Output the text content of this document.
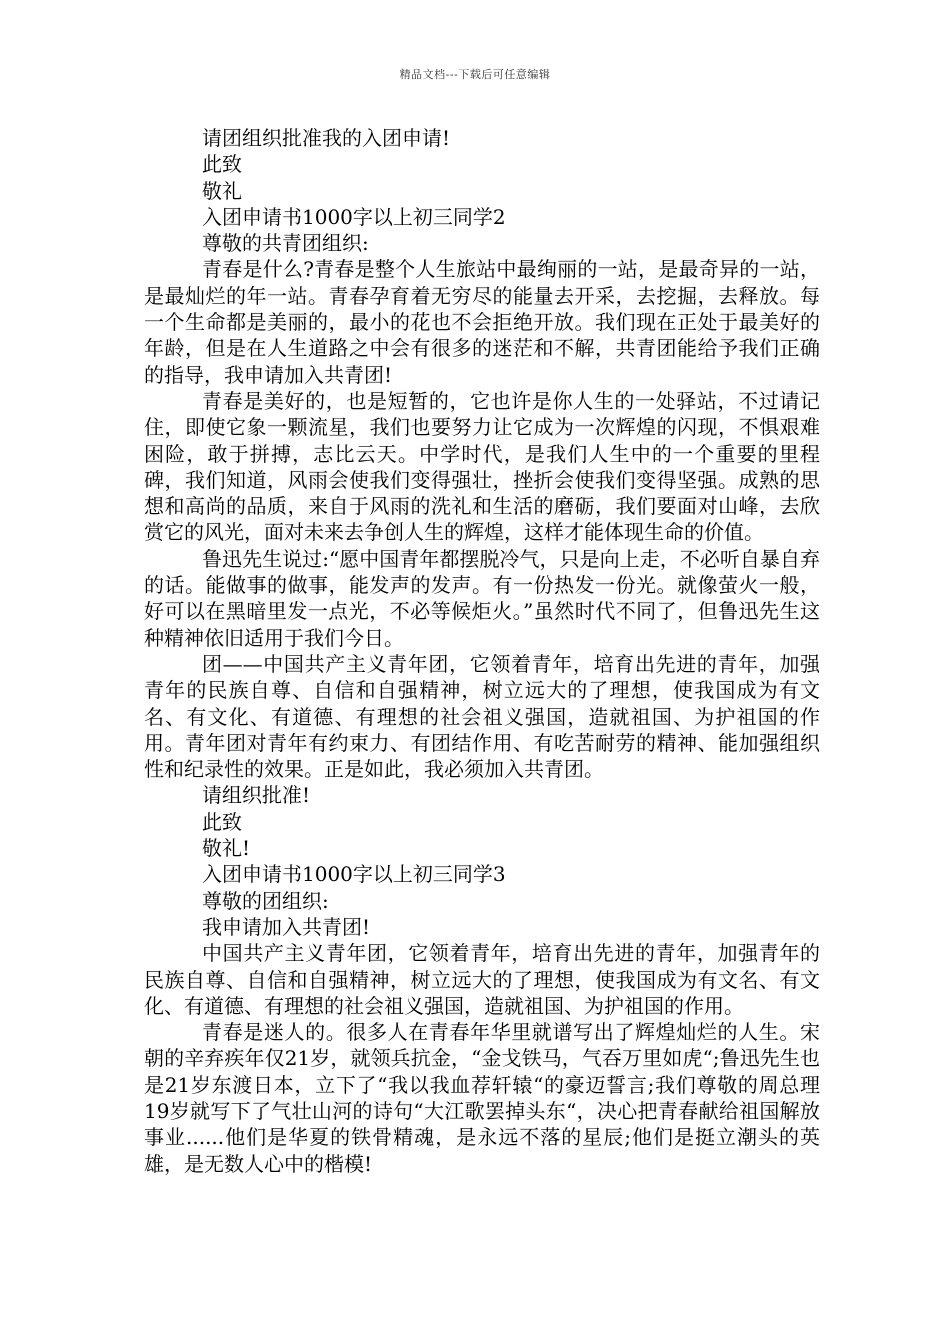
精品文档---下载后可任意编辑

请团组织批准我的入团申请!

此致

敬礼

入团申请书1000字以上初三同学2

尊敬的共青团组织:

青春是什么?青春是整个人生旅站中最绚丽的一站，是最奇异的一站，是最灿烂的年一站。青春孕育着无穷尽的能量去开采，去挖掘，去释放。每一个生命都是美丽的，最小的花也不会拒绝开放。我们现在正处于最美好的年龄，但是在人生道路之中会有很多的迷茫和不解，共青团能给予我们正确的指导，我申请加入共青团!

青春是美好的，也是短暂的，它也许是你人生的一处驿站，不过请记住，即使它象一颗流星，我们也要努力让它成为一次辉煌的闪现，不惧艰难困险，敢于拼搏，志比云天。中学时代，是我们人生中的一个重要的里程碑，我们知道，风雨会使我们变得强壮，挫折会使我们变得坚强。成熟的思想和高尚的品质，来自于风雨的洗礼和生活的磨砺，我们要面对山峰，去欣赏它的风光，面对未来去争创人生的辉煌，这样才能体现生命的价值。

鲁迅先生说过:“愿中国青年都摆脱冷气，只是向上走，不必听自暴自弃的话。能做事的做事，能发声的发声。有一份热发一份光。就像萤火一般，好可以在黑暗里发一点光，不必等候炬火。”虽然时代不同了，但鲁迅先生这种精神依旧适用于我们今日。

团——中国共产主义青年团，它领着青年，培育出先进的青年，加强青年的民族自尊、自信和自强精神，树立远大的了理想，使我国成为有文名、有文化、有道德、有理想的社会祖义强国，造就祖国、为护祖国的作用。青年团对青年有约束力、有团结作用、有吃苦耐劳的精神、能加强组织性和纪录性的效果。正是如此，我必须加入共青团。

请组织批准!

此致

敬礼!

入团申请书1000字以上初三同学3

尊敬的团组织:

我申请加入共青团!

中国共产主义青年团，它领着青年，培育出先进的青年，加强青年的民族自尊、自信和自强精神，树立远大的了理想，使我国成为有文名、有文化、有道德、有理想的社会祖义强国，造就祖国、为护祖国的作用。

青春是迷人的。很多人在青春年华里就谱写出了辉煌灿烂的人生。宋朝的辛弃疾年仅21岁，就领兵抗金，“金戈铁马，气吞万里如虎“;鲁迅先生也是21岁东渡日本，立下了“我以我血荐轩辕“的豪迈誓言;我们尊敬的周总理19岁就写下了气壮山河的诗句“大江歌罢掉头东“，决心把青春献给祖国解放事业......他们是华夏的铁骨精魂，是永远不落的星辰;他们是挺立潮头的英雄，是无数人心中的楷模!
